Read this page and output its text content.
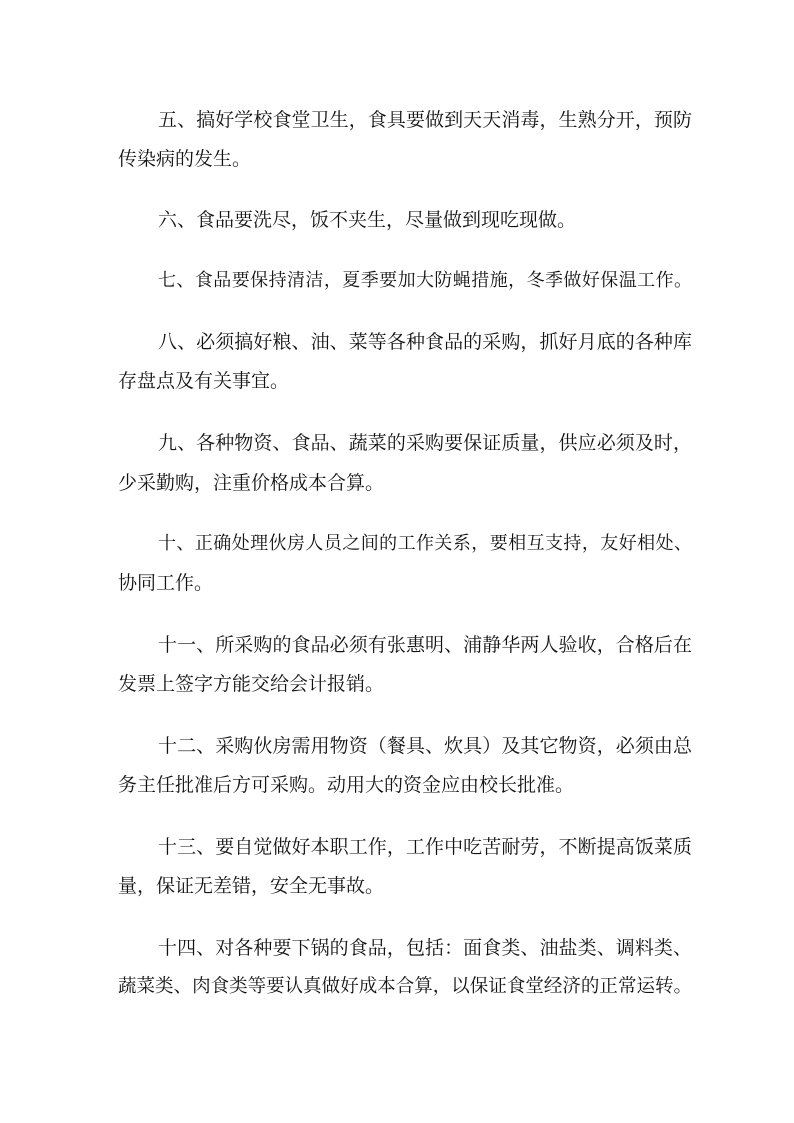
五、搞好学校食堂卫生，食具要做到天天消毒，生熟分开，预防
传染病的发生。
六、食品要洗尽，饭不夹生，尽量做到现吃现做。
七、食品要保持清洁，夏季要加大防蝇措施，冬季做好保温工作。
八、必须搞好粮、油、菜等各种食品的采购，抓好月底的各种库
存盘点及有关事宜。
九、各种物资、食品、蔬菜的采购要保证质量，供应必须及时，
少采勤购，注重价格成本合算。
十、正确处理伙房人员之间的工作关系，要相互支持，友好相处、
协同工作。
十一、所采购的食品必须有张惠明、浦静华两人验收，合格后在
发票上签字方能交给会计报销。
十二、采购伙房需用物资（餐具、炊具）及其它物资，必须由总
务主任批准后方可采购。动用大的资金应由校长批准。
十三、要自觉做好本职工作，工作中吃苦耐劳，不断提高饭菜质
量，保证无差错，安全无事故。
十四、对各种要下锅的食品，包括：面食类、油盐类、调料类、
蔬菜类、肉食类等要认真做好成本合算，以保证食堂经济的正常运转。
